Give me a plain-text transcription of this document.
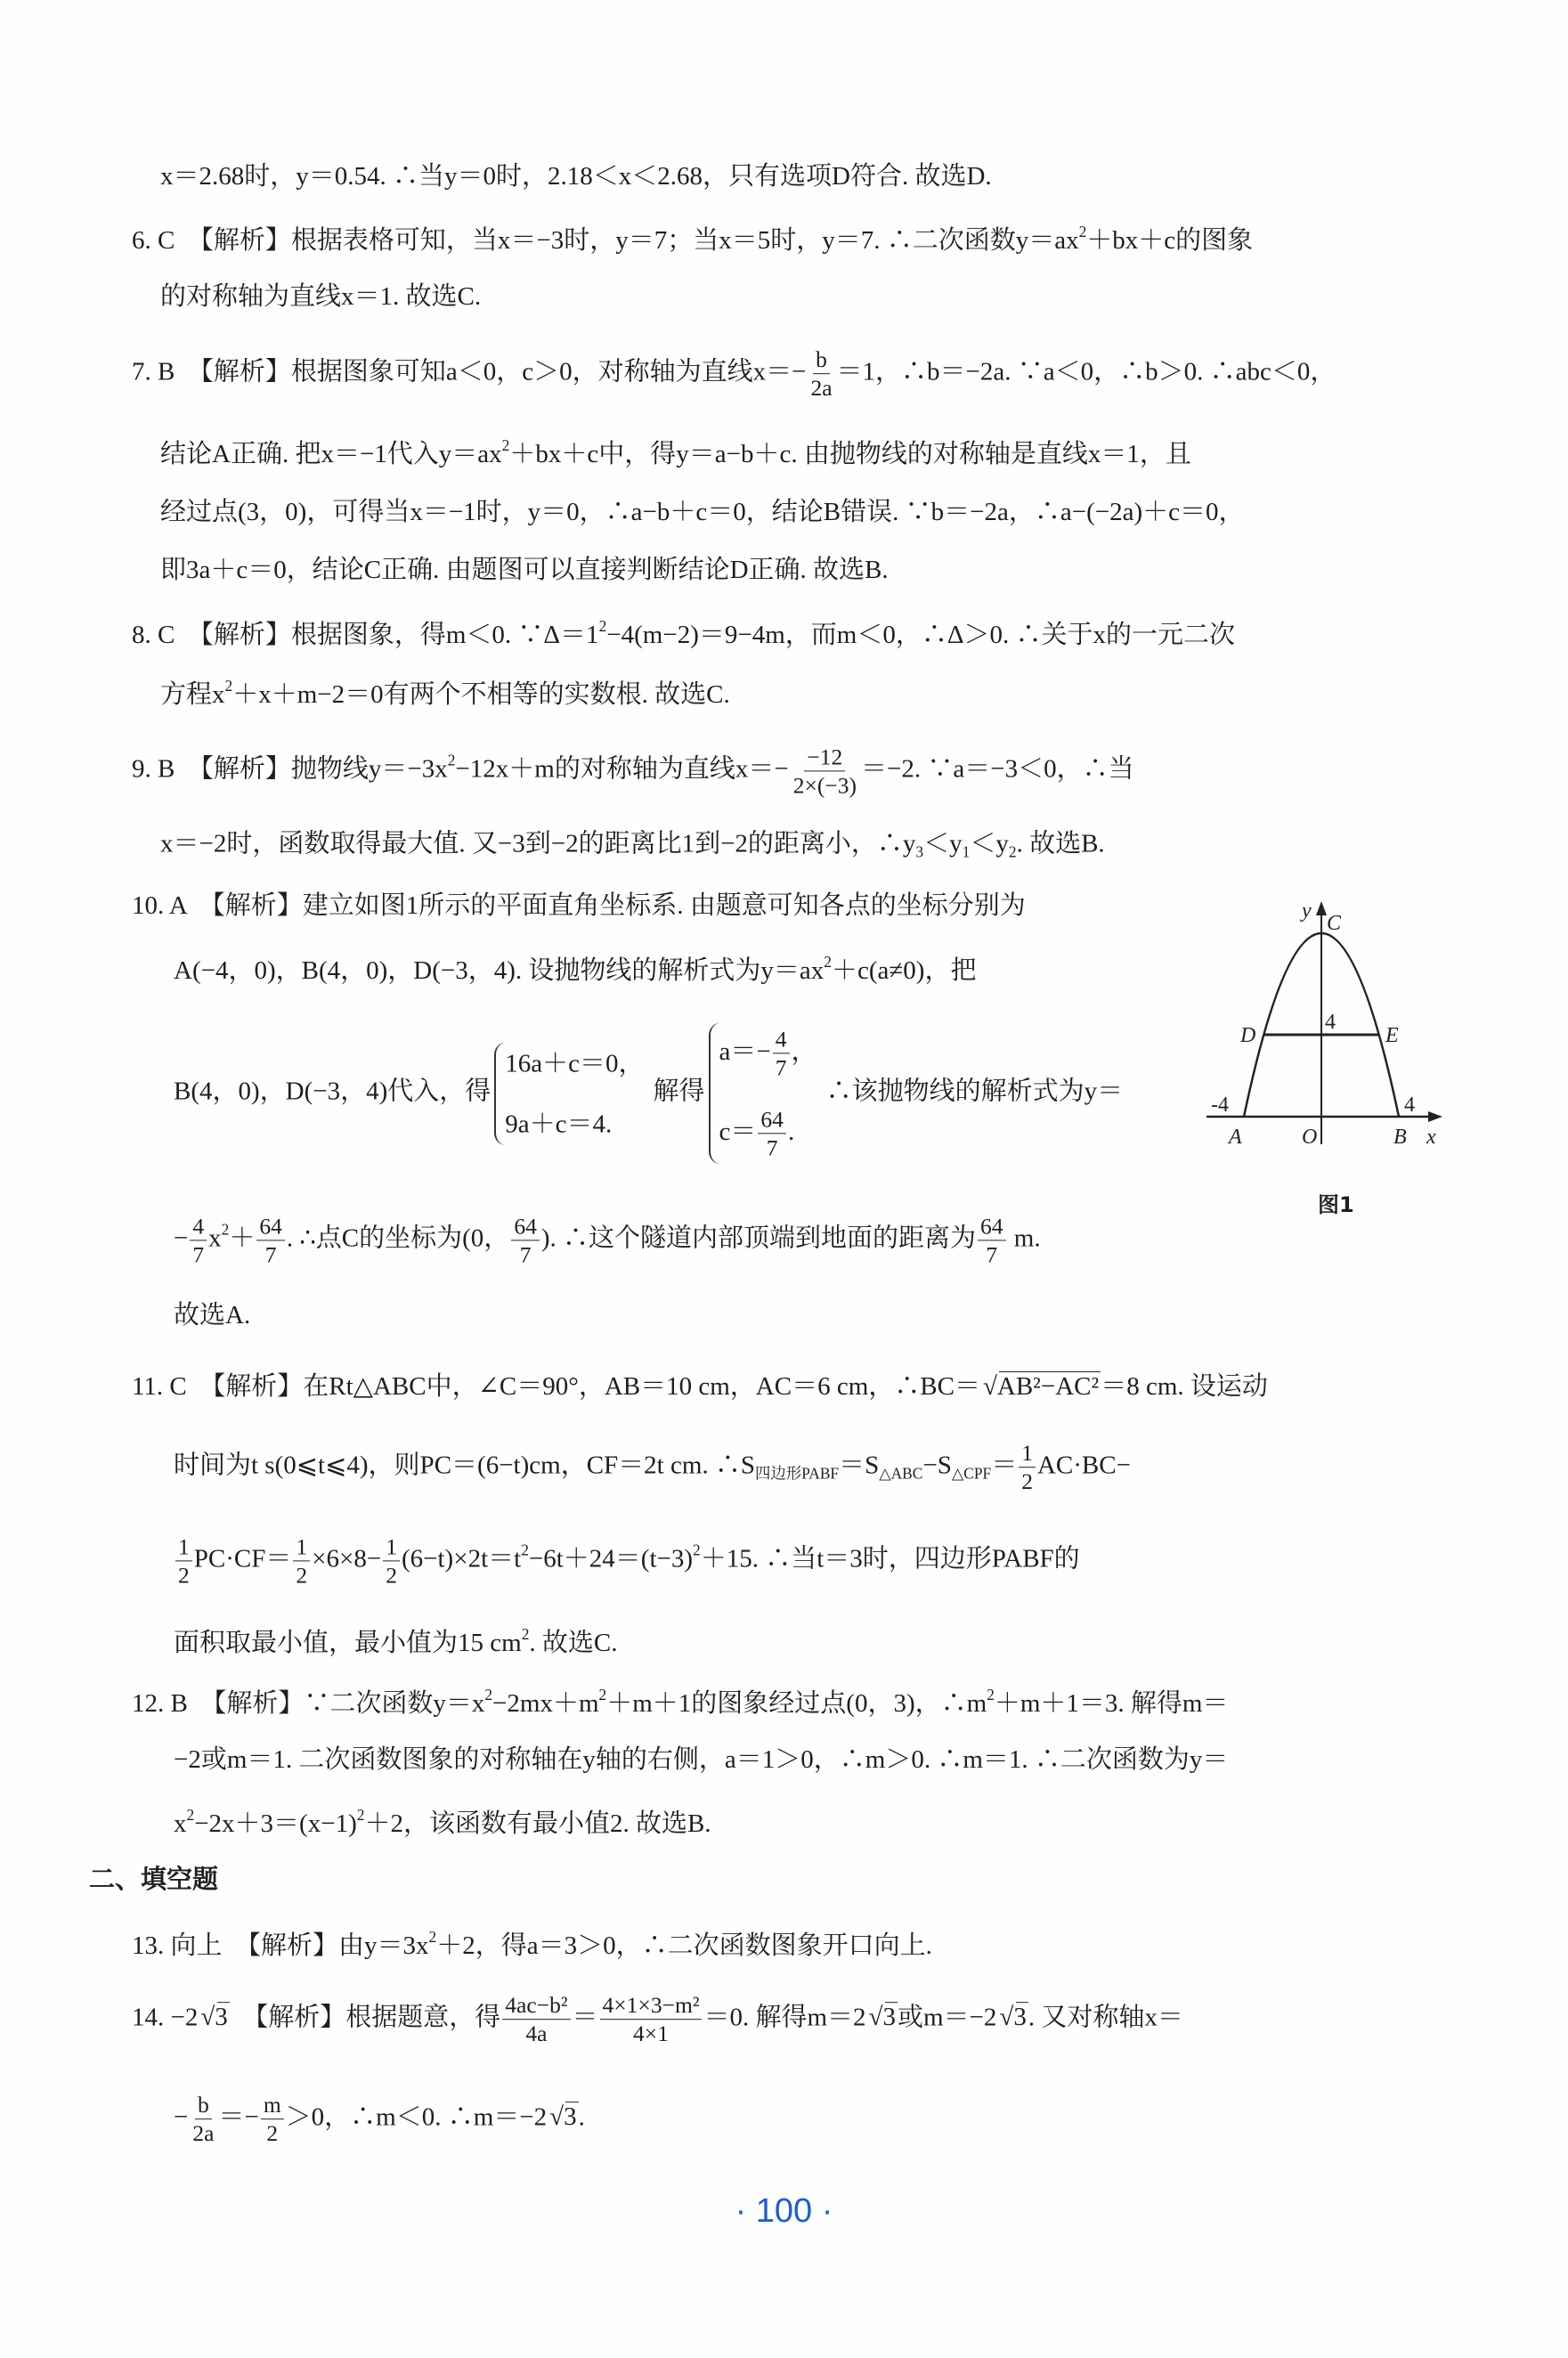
x＝2.68时，y＝0.54. ∴当y＝0时，2.18＜x＜2.68，只有选项D符合. 故选D.
6. C　【解析】根据表格可知，当x＝−3时，y＝7；当x＝5时，y＝7. ∴二次函数$y=ax^2+bx+c$的图象
的对称轴为直线x＝1. 故选C.
7. B　【解析】根据图象可知a＜0，c＞0，对称轴为直线$x=- \frac{b}{2a} =1$，∴b＝−2a. ∵a＜0，∴b＞0. ∴abc＜0，
结论A正确. 把x＝−1代入$y=ax^2+bx+c$中，得y＝a−b＋c. 由抛物线的对称轴是直线x＝1，且
经过点(3，0)，可得当x＝−1时，y＝0，∴a−b＋c＝0，结论B错误. ∵b＝−2a，∴a−(−2a)＋c＝0，
即3a＋c＝0，结论C正确. 由题图可以直接判断结论D正确. 故选B.
8. C　【解析】根据图象，得m＜0. $\because\Delta=1^2-4(m-2)=9-4m$，而m＜0，∴Δ＞0. ∴关于x的一元二次
方程$x^2+x+m-2=0$有两个不相等的实数根. 故选C.
9. B　【解析】抛物线$y=-3x^2-12x+m$的对称轴为直线$x=- \frac{-12}{2\times(-3)} =-2$. ∵a＝−3＜0，∴当
x＝−2时，函数取得最大值. 又−3到−2的距离比1到−2的距离小，$\therefore y_3<y_1<y_2$. 故选B.
10. A　【解析】建立如图1所示的平面直角坐标系. 由题意可知各点的坐标分别为
A(−4，0)，B(4，0)，D(−3，4). 设抛物线的解析式为$y=ax^2+c(a\ne 0)$，把
B(4，0)，D(−3，4)代入，得
16a＋c＝0，
9a＋c＝4.
解得
$a=- \frac{4}{7}$ ，
$c= \frac{64}{7}$ .
∴该抛物线的解析式为y＝
− $\frac{4}{7} x^2+ \frac{64}{7}$ . ∴点C的坐标为(0， $\frac{64}{7}$ ). ∴这个隧道内部顶端到地面的距离为 $\frac{64}{7} m$.
故选A.
11. C　【解析】在Rt△ABC中，∠C＝90°，AB＝10 cm，AC＝6 cm，∴BC＝ √ AB²−AC²＝8 cm. 设运动
时间为t s(0⩽t⩽4)，则PC＝(6−t)cm，CF＝2t cm. $\therefore S_{四边形PABF}=S_{\triangle ABC}-S_{\triangle CPF}= \frac{1}{2} AC\cdot BC-$
$\frac{1}{2} PC\cdot CF= \frac{1}{2} \times 6\times 8- \frac{1}{2} (6-t)\times 2t=t^2-6t+24=(t-3)^2+15$. ∴当t＝3时，四边形PABF的
面积取最小值，最小值为15 $cm^2$. 故选C.
12. B　【解析】∵二次函数$y=x^2-2mx+m^2+m+1$的图象经过点(0，3)，$\therefore m^2+m+1=3$. 解得m＝
−2或m＝1. 二次函数图象的对称轴在y轴的右侧，a＝1＞0，∴m＞0. ∴m＝1. ∴二次函数为y＝
$x^2-2x+3=(x-1)^2+2$，该函数有最小值2. 故选B.
二、填空题
13. 向上　【解析】由$y=3x^2+2$，得a＝3＞0，∴二次函数图象开口向上.
14. −2 √ 3　【解析】根据题意，得 $\frac{\text{4ac−b²}}{4a} = \frac{\text{4×1×3−m²}}{4\times 1} =0$. 解得m＝2 √ 3或m＝−2 √ 3. 又对称轴x＝
− $\frac{b}{2a} =- \frac{m}{2} >0$，∴m＜0. ∴m＝−2 √ 3.
y
C
4
D	E
-4	4
A	O	B x
图1
· 100 ·
